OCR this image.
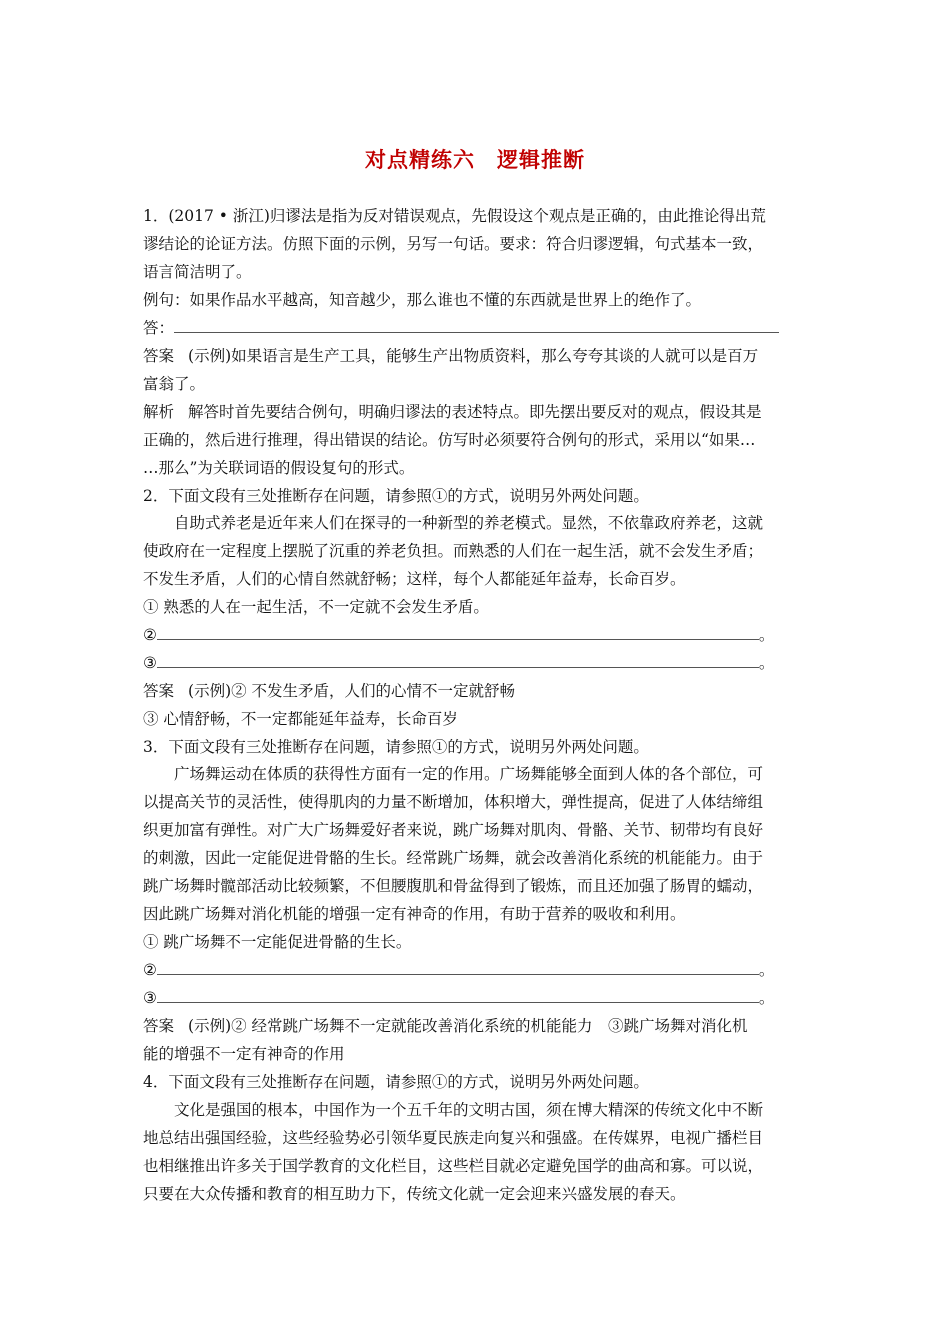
对点精练六 逻辑推断
1．(2017 • 浙江)归谬法是指为反对错误观点，先假设这个观点是正确的，由此推论得出荒
谬结论的论证方法。仿照下面的示例，另写一句话。要求：符合归谬逻辑，句式基本一致，
语言简洁明了。
例句：如果作品水平越高，知音越少，那么谁也不懂的东西就是世界上的绝作了。
答：
答案 (示例)如果语言是生产工具，能够生产出物质资料，那么夸夸其谈的人就可以是百万
富翁了。
解析 解答时首先要结合例句，明确归谬法的表述特点。即先摆出要反对的观点，假设其是
正确的，然后进行推理，得出错误的结论。仿写时必须要符合例句的形式，采用以“如果…
…那么”为关联词语的假设复句的形式。
2．下面文段有三处推断存在问题，请参照①的方式，说明另外两处问题。
自助式养老是近年来人们在探寻的一种新型的养老模式。显然，不依靠政府养老，这就
使政府在一定程度上摆脱了沉重的养老负担。而熟悉的人们在一起生活，就不会发生矛盾；
不发生矛盾，人们的心情自然就舒畅；这样，每个人都能延年益寿，长命百岁。
① 熟悉的人在一起生活，不一定就不会发生矛盾。
②	。
③	。
答案 (示例)② 不发生矛盾，人们的心情不一定就舒畅
③ 心情舒畅，不一定都能延年益寿，长命百岁
3．下面文段有三处推断存在问题，请参照①的方式，说明另外两处问题。
广场舞运动在体质的获得性方面有一定的作用。广场舞能够全面到人体的各个部位，可
以提高关节的灵活性，使得肌肉的力量不断增加，体积增大，弹性提高，促进了人体结缔组
织更加富有弹性。对广大广场舞爱好者来说，跳广场舞对肌肉、骨骼、关节、韧带均有良好
的刺激，因此一定能促进骨骼的生长。经常跳广场舞，就会改善消化系统的机能能力。由于
跳广场舞时髋部活动比较频繁，不但腰腹肌和骨盆得到了锻炼，而且还加强了肠胃的蠕动，
因此跳广场舞对消化机能的增强一定有神奇的作用，有助于营养的吸收和利用。
① 跳广场舞不一定能促进骨骼的生长。
②	。
③	。
答案 (示例)② 经常跳广场舞不一定就能改善消化系统的机能能力　③跳广场舞对消化机
能的增强不一定有神奇的作用
4．下面文段有三处推断存在问题，请参照①的方式，说明另外两处问题。
文化是强国的根本，中国作为一个五千年的文明古国，须在博大精深的传统文化中不断
地总结出强国经验，这些经验势必引领华夏民族走向复兴和强盛。在传媒界，电视广播栏目
也相继推出许多关于国学教育的文化栏目，这些栏目就必定避免国学的曲高和寡。可以说，
只要在大众传播和教育的相互助力下，传统文化就一定会迎来兴盛发展的春天。
